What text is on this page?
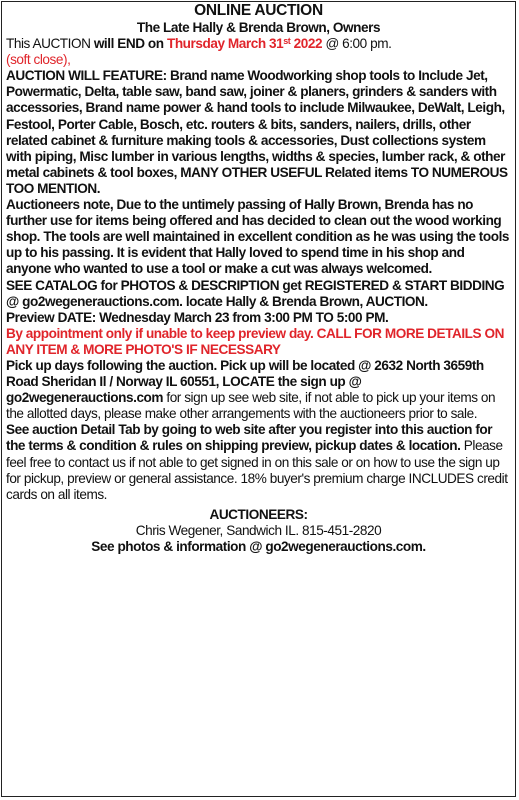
ONLINE AUCTION

The Late Hally & Brenda Brown, Owners

This AUCTION will END on Thursday March 31st 2022 @ 6:00 pm.

(soft close),

AUCTION WILL FEATURE: Brand name Woodworking shop tools to Include Jet, Powermatic, Delta, table saw, band saw, joiner & planers, grinders & sanders with accessories, Brand name power & hand tools to include Milwaukee, DeWalt, Leigh, Festool, Porter Cable, Bosch, etc. routers & bits, sanders, nailers, drills, other related cabinet & furniture making tools & accessories, Dust collections system with piping, Misc lumber in various lengths, widths & species, lumber rack, & other metal cabinets & tool boxes, MANY OTHER USEFUL Related items TO NUMEROUS TOO MENTION.

Auctioneers note, Due to the untimely passing of Hally Brown, Brenda has no further use for items being offered and has decided to clean out the wood working shop. The tools are well maintained in excellent condition as he was using the tools up to his passing. It is evident that Hally loved to spend time in his shop and anyone who wanted to use a tool or make a cut was always welcomed.

SEE CATALOG for PHOTOS & DESCRIPTION get REGISTERED & START BIDDING @ go2wegenerauctions.com. locate Hally & Brenda Brown, AUCTION.

Preview DATE: Wednesday March 23 from 3:00 PM TO 5:00 PM.

By appointment only if unable to keep preview day. CALL FOR MORE DETAILS ON ANY ITEM & MORE PHOTO'S IF NECESSARY

Pick up days following the auction. Pick up will be located @ 2632 North 3659th Road Sheridan Il / Norway IL 60551, LOCATE the sign up @ go2wegenerauctions.com for sign up see web site, if not able to pick up your items on the allotted days, please make other arrangements with the auctioneers prior to sale.

See auction Detail Tab by going to web site after you register into this auction for the terms & condition & rules on shipping preview, pickup dates & location. Please feel free to contact us if not able to get signed in on this sale or on how to use the sign up for pickup, preview or general assistance. 18% buyer's premium charge INCLUDES credit cards on all items.

AUCTIONEERS:

Chris Wegener, Sandwich IL. 815-451-2820

See photos & information @ go2wegenerauctions.com.
